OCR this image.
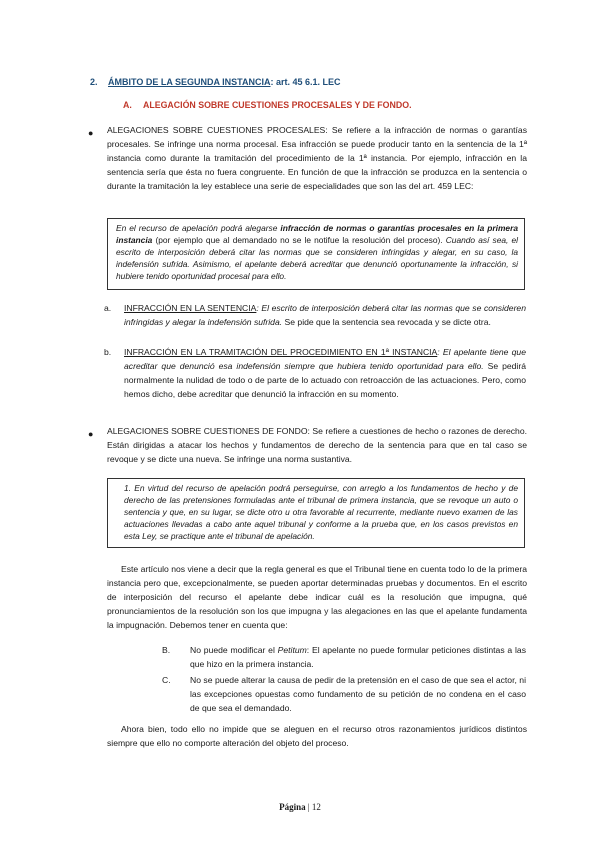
2. ÁMBITO DE LA SEGUNDA INSTANCIA: art. 45 6.1. LEC
A. ALEGACIÓN SOBRE CUESTIONES PROCESALES Y DE FONDO.
● ALEGACIONES SOBRE CUESTIONES PROCESALES: Se refiere a la infracción de normas o garantías procesales. Se infringe una norma procesal. Esa infracción se puede producir tanto en la sentencia de la 1ª instancia como durante la tramitación del procedimiento de la 1ª instancia. Por ejemplo, infracción en la sentencia sería que ésta no fuera congruente. En función de que la infracción se produzca en la sentencia o durante la tramitación la ley establece una serie de especialidades que son las del art. 459 LEC:
En el recurso de apelación podrá alegarse infracción de normas o garantías procesales en la primera instancia (por ejemplo que al demandado no se le notifue la resolución del proceso). Cuando así sea, el escrito de interposición deberá citar las normas que se consideren infringidas y alegar, en su caso, la indefensión sufrida. Asimismo, el apelante deberá acreditar que denunció oportunamente la infracción, si hubiere tenido oportunidad procesal para ello.
a. INFRACCIÓN EN LA SENTENCIA: El escrito de interposición deberá citar las normas que se consideren infringidas y alegar la indefensión sufrida. Se pide que la sentencia sea revocada y se dicte otra.
b. INFRACCIÓN EN LA TRAMITACIÓN DEL PROCEDIMIENTO EN 1ª INSTANCIA: El apelante tiene que acreditar que denunció esa indefensión siempre que hubiera tenido oportunidad para ello. Se pedirá normalmente la nulidad de todo o de parte de lo actuado con retroacción de las actuaciones. Pero, como hemos dicho, debe acreditar que denunció la infracción en su momento.
● ALEGACIONES SOBRE CUESTIONES DE FONDO: Se refiere a cuestiones de hecho o razones de derecho. Están dirigidas a atacar los hechos y fundamentos de derecho de la sentencia para que en tal caso se revoque y se dicte una nueva. Se infringe una norma sustantiva.
1. En virtud del recurso de apelación podrá perseguirse, con arreglo a los fundamentos de hecho y de derecho de las pretensiones formuladas ante el tribunal de primera instancia, que se revoque un auto o sentencia y que, en su lugar, se dicte otro u otra favorable al recurrente, mediante nuevo examen de las actuaciones llevadas a cabo ante aquel tribunal y conforme a la prueba que, en los casos previstos en esta Ley, se practique ante el tribunal de apelación.
Este artículo nos viene a decir que la regla general es que el Tribunal tiene en cuenta todo lo de la primera instancia pero que, excepcionalmente, se pueden aportar determinadas pruebas y documentos. En el escrito de interposición del recurso el apelante debe indicar cuál es la resolución que impugna, qué pronunciamientos de la resolución son los que impugna y las alegaciones en las que el apelante fundamenta la impugnación. Debemos tener en cuenta que:
B. No puede modificar el Petitum: El apelante no puede formular peticiones distintas a las que hizo en la primera instancia.
C. No se puede alterar la causa de pedir de la pretensión en el caso de que sea el actor, ni las excepciones opuestas como fundamento de su petición de no condena en el caso de que sea el demandado.
Ahora bien, todo ello no impide que se aleguen en el recurso otros razonamientos jurídicos distintos siempre que ello no comporte alteración del objeto del proceso.
Página | 12
